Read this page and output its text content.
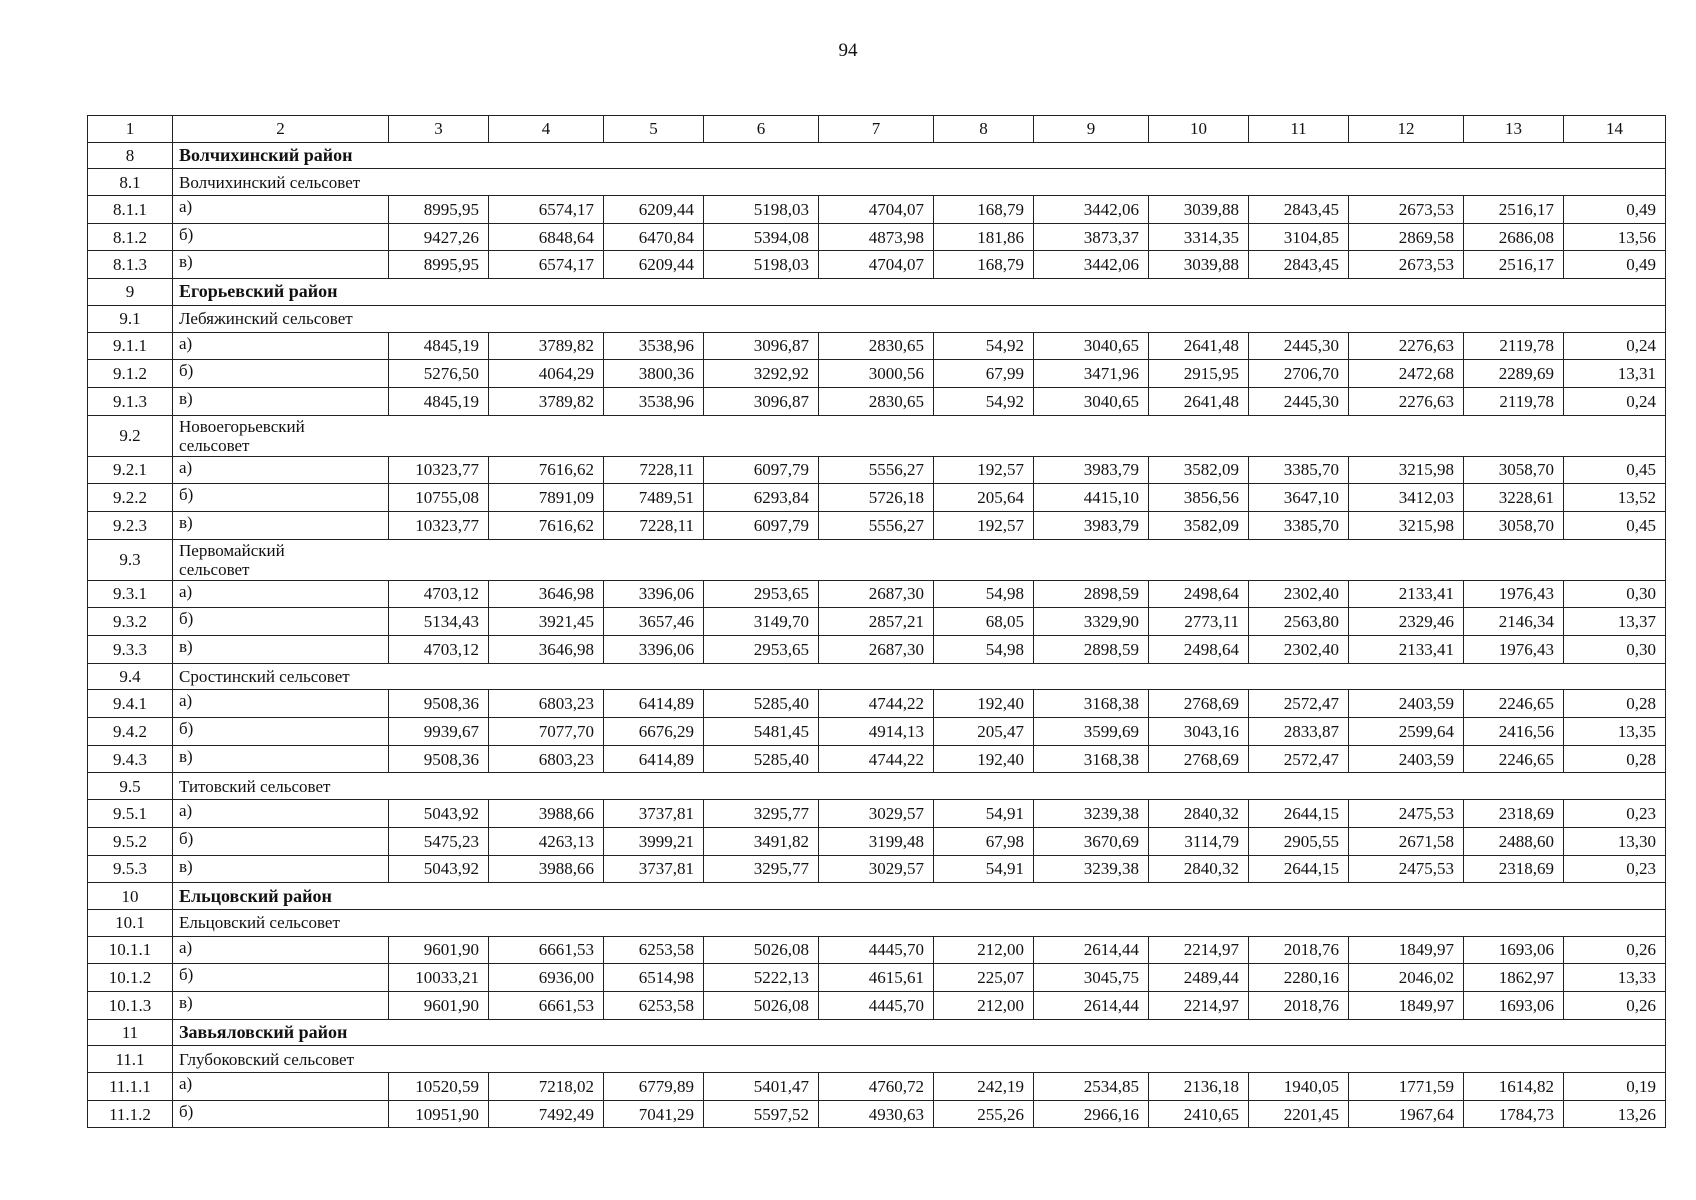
94
1	2	3	4	5	6	7	8	9	10	11	12	13	14
8	Волчихинский район												
8.1	Волчихинский сельсовет												
8.1.1	а)	8995,95	6574,17	6209,44	5198,03	4704,07	168,79	3442,06	3039,88	2843,45	2673,53	2516,17	0,49
8.1.2	б)	9427,26	6848,64	6470,84	5394,08	4873,98	181,86	3873,37	3314,35	3104,85	2869,58	2686,08	13,56
8.1.3	в)	8995,95	6574,17	6209,44	5198,03	4704,07	168,79	3442,06	3039,88	2843,45	2673,53	2516,17	0,49
9	Егорьевский район												
9.1	Лебяжинский сельсовет												
9.1.1	а)	4845,19	3789,82	3538,96	3096,87	2830,65	54,92	3040,65	2641,48	2445,30	2276,63	2119,78	0,24
9.1.2	б)	5276,50	4064,29	3800,36	3292,92	3000,56	67,99	3471,96	2915,95	2706,70	2472,68	2289,69	13,31
9.1.3	в)	4845,19	3789,82	3538,96	3096,87	2830,65	54,92	3040,65	2641,48	2445,30	2276,63	2119,78	0,24
9.2	Новоегорьевский сельсовет												
9.2.1	а)	10323,77	7616,62	7228,11	6097,79	5556,27	192,57	3983,79	3582,09	3385,70	3215,98	3058,70	0,45
9.2.2	б)	10755,08	7891,09	7489,51	6293,84	5726,18	205,64	4415,10	3856,56	3647,10	3412,03	3228,61	13,52
9.2.3	в)	10323,77	7616,62	7228,11	6097,79	5556,27	192,57	3983,79	3582,09	3385,70	3215,98	3058,70	0,45
9.3	Первомайский сельсовет												
9.3.1	а)	4703,12	3646,98	3396,06	2953,65	2687,30	54,98	2898,59	2498,64	2302,40	2133,41	1976,43	0,30
9.3.2	б)	5134,43	3921,45	3657,46	3149,70	2857,21	68,05	3329,90	2773,11	2563,80	2329,46	2146,34	13,37
9.3.3	в)	4703,12	3646,98	3396,06	2953,65	2687,30	54,98	2898,59	2498,64	2302,40	2133,41	1976,43	0,30
9.4	Сростинский сельсовет												
9.4.1	а)	9508,36	6803,23	6414,89	5285,40	4744,22	192,40	3168,38	2768,69	2572,47	2403,59	2246,65	0,28
9.4.2	б)	9939,67	7077,70	6676,29	5481,45	4914,13	205,47	3599,69	3043,16	2833,87	2599,64	2416,56	13,35
9.4.3	в)	9508,36	6803,23	6414,89	5285,40	4744,22	192,40	3168,38	2768,69	2572,47	2403,59	2246,65	0,28
9.5	Титовский сельсовет												
9.5.1	а)	5043,92	3988,66	3737,81	3295,77	3029,57	54,91	3239,38	2840,32	2644,15	2475,53	2318,69	0,23
9.5.2	б)	5475,23	4263,13	3999,21	3491,82	3199,48	67,98	3670,69	3114,79	2905,55	2671,58	2488,60	13,30
9.5.3	в)	5043,92	3988,66	3737,81	3295,77	3029,57	54,91	3239,38	2840,32	2644,15	2475,53	2318,69	0,23
10	Ельцовский район												
10.1	Ельцовский сельсовет												
10.1.1	а)	9601,90	6661,53	6253,58	5026,08	4445,70	212,00	2614,44	2214,97	2018,76	1849,97	1693,06	0,26
10.1.2	б)	10033,21	6936,00	6514,98	5222,13	4615,61	225,07	3045,75	2489,44	2280,16	2046,02	1862,97	13,33
10.1.3	в)	9601,90	6661,53	6253,58	5026,08	4445,70	212,00	2614,44	2214,97	2018,76	1849,97	1693,06	0,26
11	Завьяловский район												
11.1	Глубоковский сельсовет												
11.1.1	а)	10520,59	7218,02	6779,89	5401,47	4760,72	242,19	2534,85	2136,18	1940,05	1771,59	1614,82	0,19
11.1.2	б)	10951,90	7492,49	7041,29	5597,52	4930,63	255,26	2966,16	2410,65	2201,45	1967,64	1784,73	13,26
